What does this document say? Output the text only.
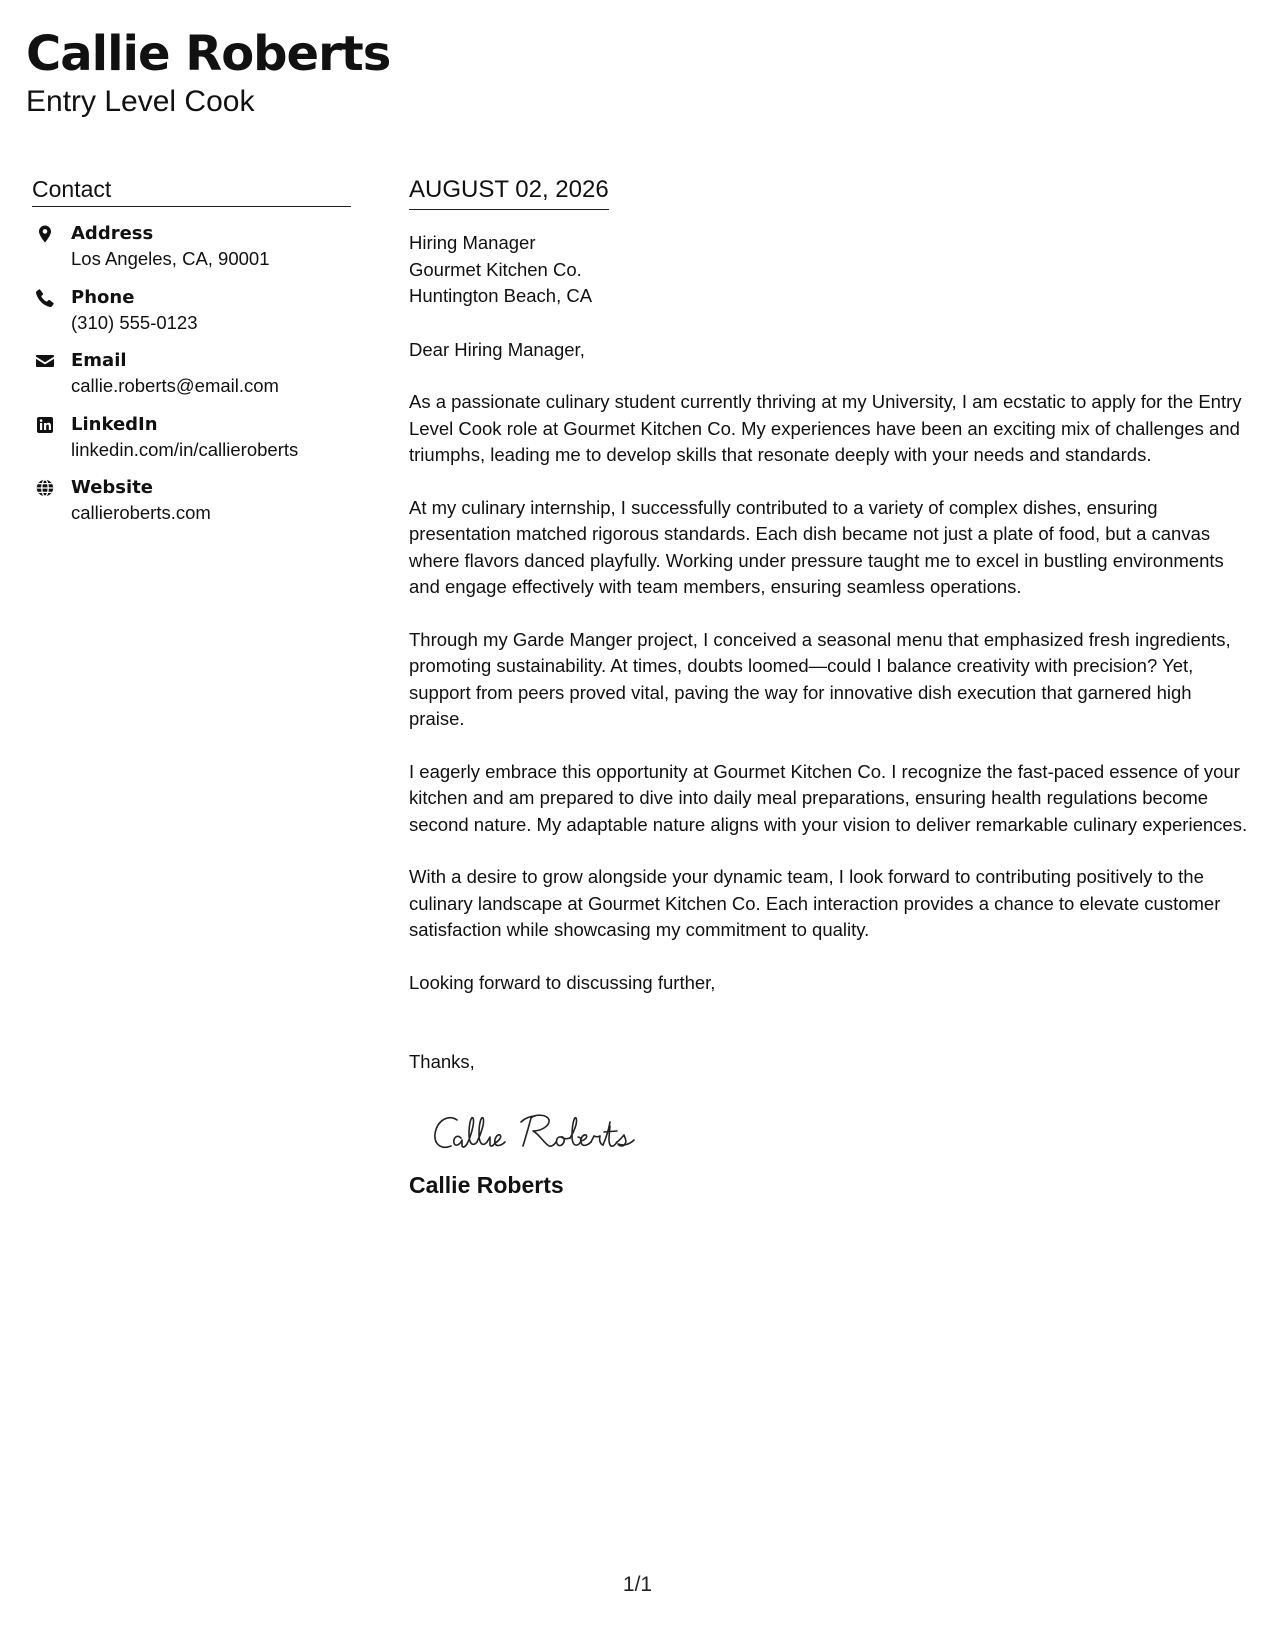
Callie Roberts
Entry Level Cook
Contact
Address
Los Angeles, CA, 90001
Phone
(310) 555-0123
Email
callie.roberts@email.com
LinkedIn
linkedin.com/in/callieroberts
Website
callieroberts.com
AUGUST 02, 2026
Hiring Manager
Gourmet Kitchen Co.
Huntington Beach, CA
Dear Hiring Manager,
As a passionate culinary student currently thriving at my University, I am ecstatic to apply for the Entry Level Cook role at Gourmet Kitchen Co. My experiences have been an exciting mix of challenges and triumphs, leading me to develop skills that resonate deeply with your needs and standards.
At my culinary internship, I successfully contributed to a variety of complex dishes, ensuring presentation matched rigorous standards. Each dish became not just a plate of food, but a canvas where flavors danced playfully. Working under pressure taught me to excel in bustling environments and engage effectively with team members, ensuring seamless operations.
Through my Garde Manger project, I conceived a seasonal menu that emphasized fresh ingredients, promoting sustainability. At times, doubts loomed—could I balance creativity with precision? Yet, support from peers proved vital, paving the way for innovative dish execution that garnered high praise.
I eagerly embrace this opportunity at Gourmet Kitchen Co. I recognize the fast-paced essence of your kitchen and am prepared to dive into daily meal preparations, ensuring health regulations become second nature. My adaptable nature aligns with your vision to deliver remarkable culinary experiences.
With a desire to grow alongside your dynamic team, I look forward to contributing positively to the culinary landscape at Gourmet Kitchen Co. Each interaction provides a chance to elevate customer satisfaction while showcasing my commitment to quality.
Looking forward to discussing further,
Thanks,
Callie Roberts
1/1
